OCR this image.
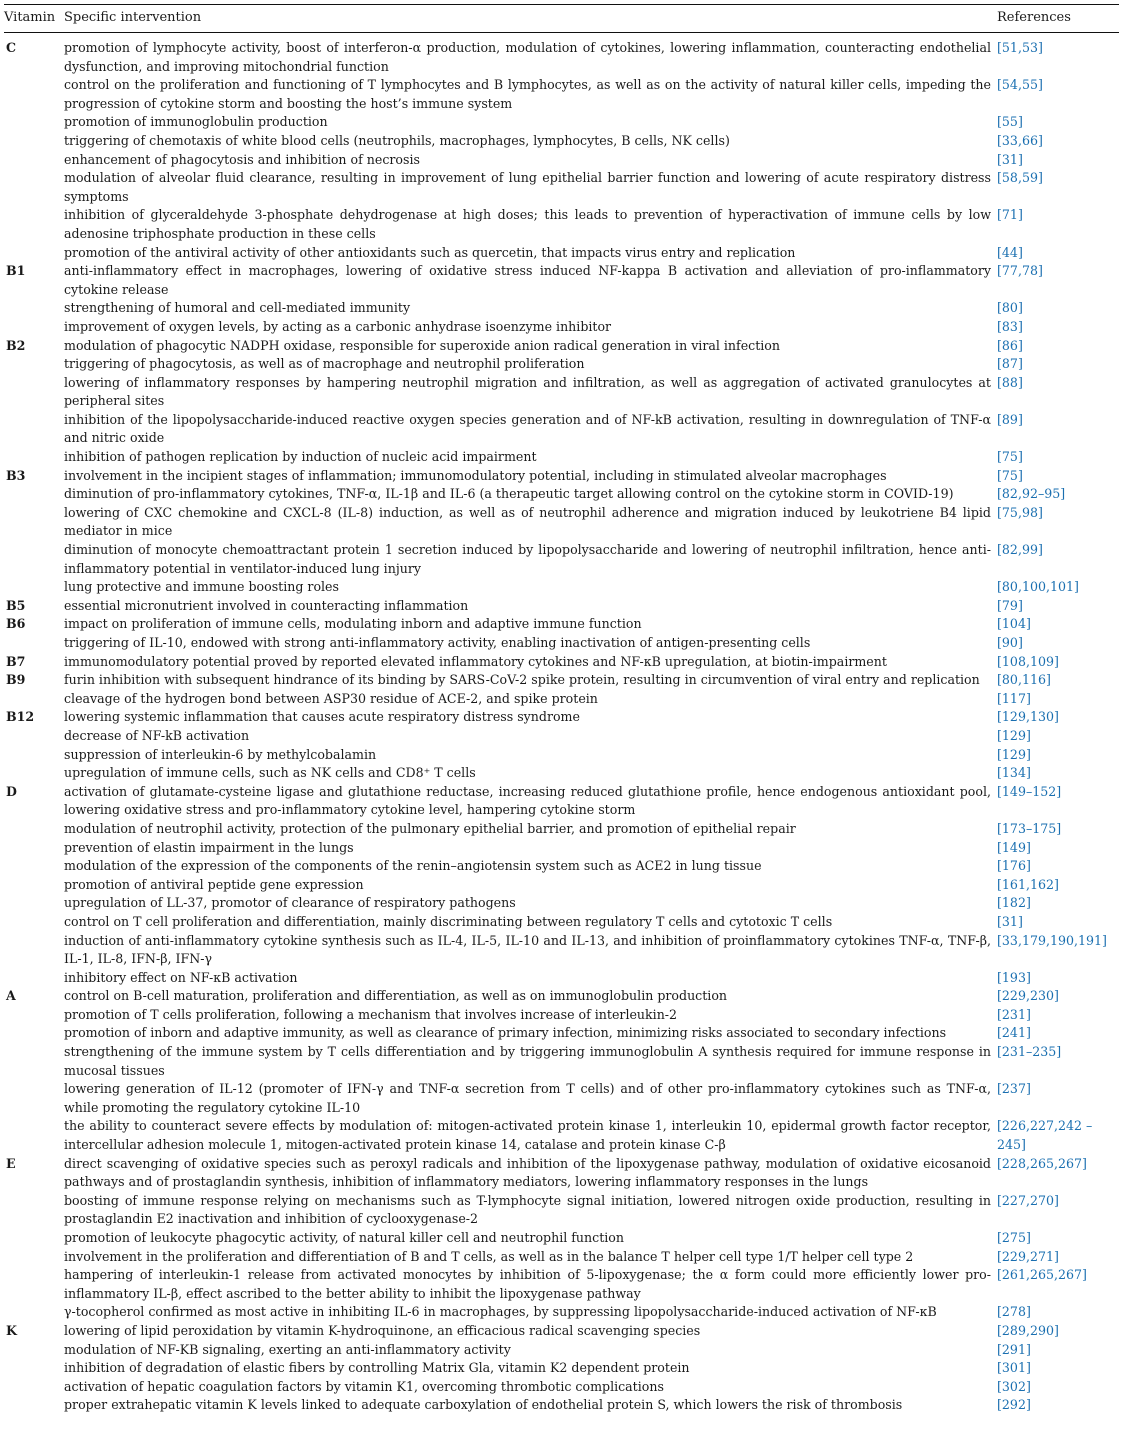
Vitamin	Specific intervention	References
C	promotion of lymphocyte activity, boost of interferon-α production, modulation of cytokines, lowering inflammation, counteracting endothelial dysfunction, and improving mitochondrial function	[51,53]
	control on the proliferation and functioning of T lymphocytes and B lymphocytes, as well as on the activity of natural killer cells, impeding the progression of cytokine storm and boosting the host’s immune system	[54,55]
	promotion of immunoglobulin production	[55]
	triggering of chemotaxis of white blood cells (neutrophils, macrophages, lymphocytes, B cells, NK cells)	[33,66]
	enhancement of phagocytosis and inhibition of necrosis	[31]
	modulation of alveolar fluid clearance, resulting in improvement of lung epithelial barrier function and lowering of acute respiratory distress symptoms	[58,59]
	inhibition of glyceraldehyde 3-phosphate dehydrogenase at high doses; this leads to prevention of hyperactivation of immune cells by low adenosine triphosphate production in these cells	[71]
	promotion of the antiviral activity of other antioxidants such as quercetin, that impacts virus entry and replication	[44]
B1	anti-inflammatory effect in macrophages, lowering of oxidative stress induced NF-kappa B activation and alleviation of pro-inflammatory cytokine release	[77,78]
	strengthening of humoral and cell-mediated immunity	[80]
	improvement of oxygen levels, by acting as a carbonic anhydrase isoenzyme inhibitor	[83]
B2	modulation of phagocytic NADPH oxidase, responsible for superoxide anion radical generation in viral infection	[86]
	triggering of phagocytosis, as well as of macrophage and neutrophil proliferation	[87]
	lowering of inflammatory responses by hampering neutrophil migration and infiltration, as well as aggregation of activated granulocytes at peripheral sites	[88]
	inhibition of the lipopolysaccharide-induced reactive oxygen species generation and of NF-kB activation, resulting in downregulation of TNF-α and nitric oxide	[89]
	inhibition of pathogen replication by induction of nucleic acid impairment	[75]
B3	involvement in the incipient stages of inflammation; immunomodulatory potential, including in stimulated alveolar macrophages	[75]
	diminution of pro-inflammatory cytokines, TNF-α, IL-1β and IL-6 (a therapeutic target allowing control on the cytokine storm in COVID-19)	[82,92–95]
	lowering of CXC chemokine and CXCL-8 (IL-8) induction, as well as of neutrophil adherence and migration induced by leukotriene B4 lipid mediator in mice	[75,98]
	diminution of monocyte chemoattractant protein 1 secretion induced by lipopolysaccharide and lowering of neutrophil infiltration, hence anti-inflammatory potential in ventilator-induced lung injury	[82,99]
	lung protective and immune boosting roles	[80,100,101]
B5	essential micronutrient involved in counteracting inflammation	[79]
B6	impact on proliferation of immune cells, modulating inborn and adaptive immune function	[104]
	triggering of IL-10, endowed with strong anti-inflammatory activity, enabling inactivation of antigen-presenting cells	[90]
B7	immunomodulatory potential proved by reported elevated inflammatory cytokines and NF-κB upregulation, at biotin-impairment	[108,109]
B9	furin inhibition with subsequent hindrance of its binding by SARS-CoV-2 spike protein, resulting in circumvention of viral entry and replication	[80,116]
	cleavage of the hydrogen bond between ASP30 residue of ACE-2, and spike protein	[117]
B12	lowering systemic inflammation that causes acute respiratory distress syndrome	[129,130]
	decrease of NF-kB activation	[129]
	suppression of interleukin-6 by methylcobalamin	[129]
	upregulation of immune cells, such as NK cells and CD8⁺ T cells	[134]
D	activation of glutamate-cysteine ligase and glutathione reductase, increasing reduced glutathione profile, hence endogenous antioxidant pool, lowering oxidative stress and pro-inflammatory cytokine level, hampering cytokine storm	[149–152]
	modulation of neutrophil activity, protection of the pulmonary epithelial barrier, and promotion of epithelial repair	[173–175]
	prevention of elastin impairment in the lungs	[149]
	modulation of the expression of the components of the renin–angiotensin system such as ACE2 in lung tissue	[176]
	promotion of antiviral peptide gene expression	[161,162]
	upregulation of LL-37, promotor of clearance of respiratory pathogens	[182]
	control on T cell proliferation and differentiation, mainly discriminating between regulatory T cells and cytotoxic T cells	[31]
	induction of anti-inflammatory cytokine synthesis such as IL-4, IL-5, IL-10 and IL-13, and inhibition of proinflammatory cytokines TNF-α, TNF-β, IL-1, IL-8, IFN-β, IFN-γ	[33,179,190,191]
	inhibitory effect on NF-κB activation	[193]
A	control on B-cell maturation, proliferation and differentiation, as well as on immunoglobulin production	[229,230]
	promotion of T cells proliferation, following a mechanism that involves increase of interleukin-2	[231]
	promotion of inborn and adaptive immunity, as well as clearance of primary infection, minimizing risks associated to secondary infections	[241]
	strengthening of the immune system by T cells differentiation and by triggering immunoglobulin A synthesis required for immune response in mucosal tissues	[231–235]
	lowering generation of IL-12 (promoter of IFN-γ and TNF-α secretion from T cells) and of other pro-inflammatory cytokines such as TNF-α, while promoting the regulatory cytokine IL-10	[237]
	the ability to counteract severe effects by modulation of: mitogen-activated protein kinase 1, interleukin 10, epidermal growth factor receptor, intercellular adhesion molecule 1, mitogen-activated protein kinase 14, catalase and protein kinase C-β	[226,227,242 –245]
E	direct scavenging of oxidative species such as peroxyl radicals and inhibition of the lipoxygenase pathway, modulation of oxidative eicosanoid pathways and of prostaglandin synthesis, inhibition of inflammatory mediators, lowering inflammatory responses in the lungs	[228,265,267]
	boosting of immune response relying on mechanisms such as T-lymphocyte signal initiation, lowered nitrogen oxide production, resulting in prostaglandin E2 inactivation and inhibition of cyclooxygenase-2	[227,270]
	promotion of leukocyte phagocytic activity, of natural killer cell and neutrophil function	[275]
	involvement in the proliferation and differentiation of B and T cells, as well as in the balance T helper cell type 1/T helper cell type 2	[229,271]
	hampering of interleukin-1 release from activated monocytes by inhibition of 5-lipoxygenase; the α form could more efficiently lower pro-inflammatory IL-β, effect ascribed to the better ability to inhibit the lipoxygenase pathway	[261,265,267]
	γ-tocopherol confirmed as most active in inhibiting IL-6 in macrophages, by suppressing lipopolysaccharide-induced activation of NF-κB	[278]
K	lowering of lipid peroxidation by vitamin K-hydroquinone, an efficacious radical scavenging species	[289,290]
	modulation of NF-KB signaling, exerting an anti-inflammatory activity	[291]
	inhibition of degradation of elastic fibers by controlling Matrix Gla, vitamin K2 dependent protein	[301]
	activation of hepatic coagulation factors by vitamin K1, overcoming thrombotic complications	[302]
	proper extrahepatic vitamin K levels linked to adequate carboxylation of endothelial protein S, which lowers the risk of thrombosis	[292]
